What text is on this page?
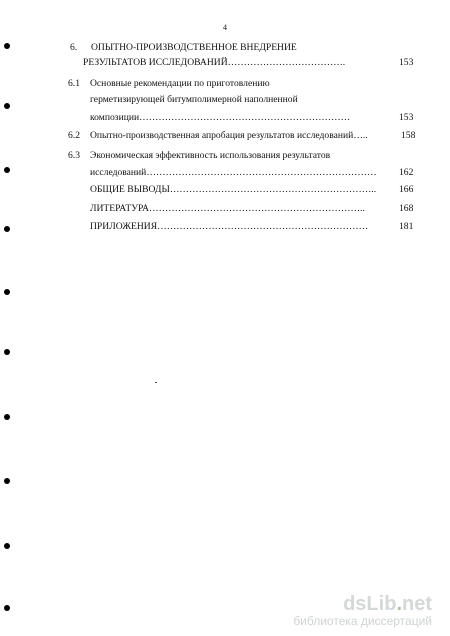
4
6. ОПЫТНО-ПРОИЗВОДСТВЕННОЕ ВНЕДРЕНИЕ
РЕЗУЛЬТАТОВ ИССЛЕДОВАНИЙ……………………………….	153
6.1 Основные рекомендации по приготовлению
герметизирующей битумполимерной наполненной
композиции…………………………………………………………	153
6.2 Опытно-производственная апробация результатов исследований…..	158
6.3 Экономическая эффективность использования результатов
исследований……………………………………………………………… 162
ОБЩИЕ ВЫВОДЫ……………………………………………………….. 166
ЛИТЕРАТУРА…………………………………………………………..	168
ПРИЛОЖЕНИЯ…………………………………………………………	181
dsLib.net
библиотека диссертаций
